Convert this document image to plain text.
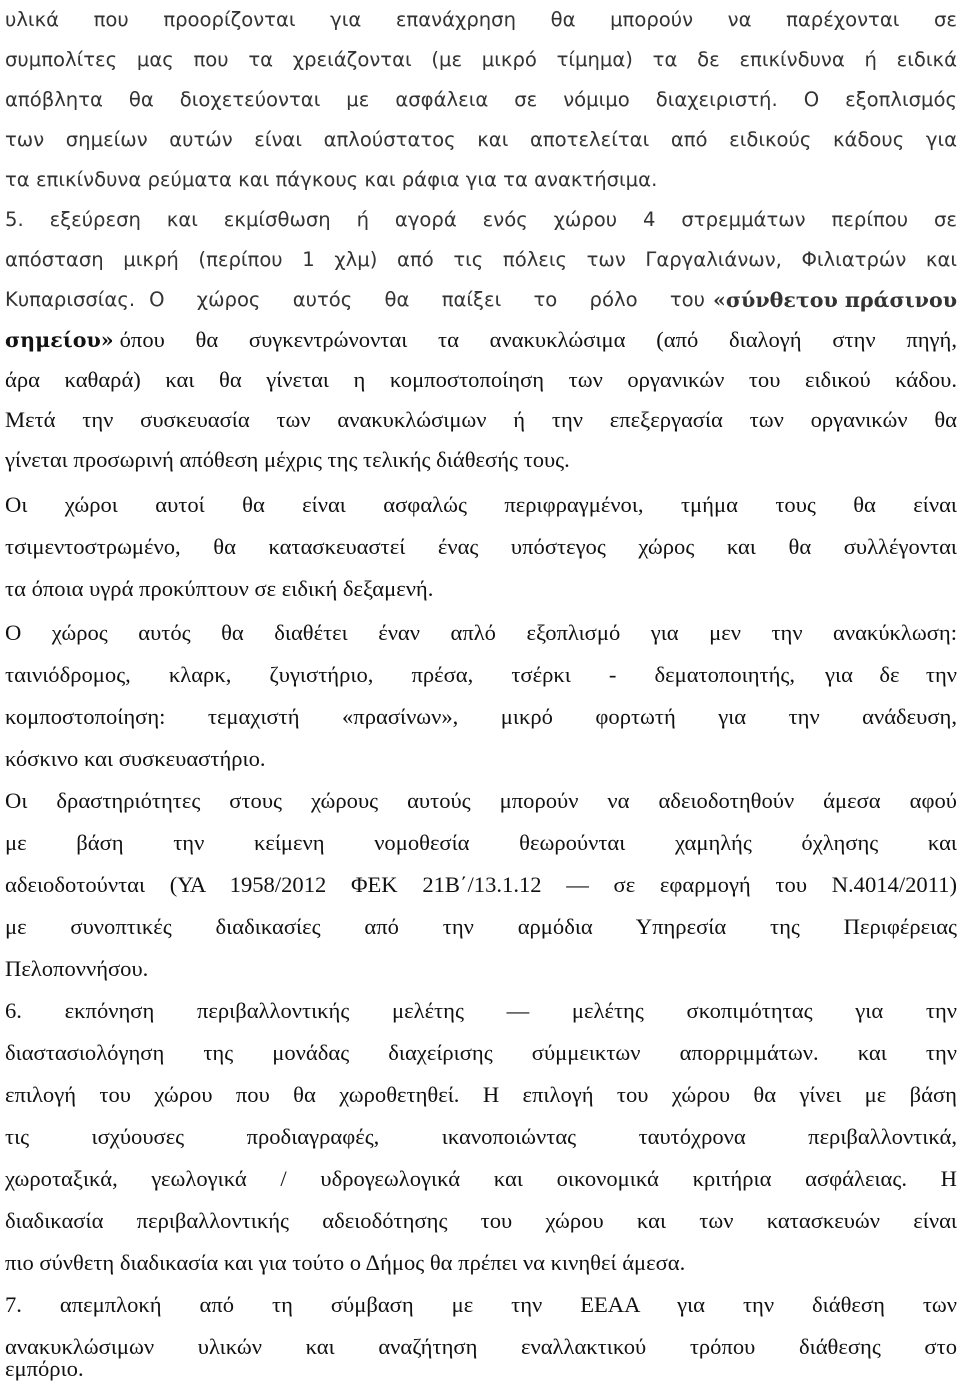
υλικά που προορίζονται για επανάχρηση θα μπορούν να παρέχονται σε
συμπολίτες μας που τα χρειάζονται (με μικρό τίμημα) τα δε επικίνδυνα ή ειδικά
απόβλητα θα διοχετεύονται με ασφάλεια σε νόμιμο διαχειριστή. Ο εξοπλισμός
των σημείων αυτών είναι απλούστατος και αποτελείται από ειδικούς κάδους για
τα επικίνδυνα ρεύματα και πάγκους και ράφια για τα ανακτήσιμα.
5. εξεύρεση και εκμίσθωση ή αγορά ενός χώρου 4 στρεμμάτων περίπου σε
απόσταση μικρή (περίπου 1 χλμ) από τις πόλεις των Γαργαλιάνων, Φιλιατρών και
Κυπαρισσίας. Ο χώρος αυτός θα παίξει το ρόλο του «σύνθετου πράσινου
σημείου» όπου θα συγκεντρώνονται τα ανακυκλώσιμα (από διαλογή στην πηγή,
άρα καθαρά) και θα γίνεται η κομποστοποίηση των οργανικών του ειδικού κάδου.
Μετά την συσκευασία των ανακυκλώσιμων ή την επεξεργασία των οργανικών θα
γίνεται προσωρινή απόθεση μέχρις της τελικής διάθεσής τους.
Οι χώροι αυτοί θα είναι ασφαλώς περιφραγμένοι, τμήμα τους θα είναι
τσιμεντοστρωμένο, θα κατασκευαστεί ένας υπόστεγος χώρος και θα συλλέγονται
τα όποια υγρά προκύπτουν σε ειδική δεξαμενή.
Ο χώρος αυτός θα διαθέτει έναν απλό εξοπλισμό για μεν την ανακύκλωση:
ταινιόδρομος, κλαρκ, ζυγιστήριο, πρέσα, τσέρκι - δεματοποιητής, για δε την
κομποστοποίηση: τεμαχιστή «πρασίνων», μικρό φορτωτή για την ανάδευση,
κόσκινο και συσκευαστήριο.
Οι δραστηριότητες στους χώρους αυτούς μπορούν να αδειοδοτηθούν άμεσα αφού
με βάση την κείμενη νομοθεσία θεωρούνται χαμηλής όχλησης και
αδειοδοτούνται (ΥΑ 1958/2012 ΦΕΚ 21Β΄/13.1.12 — σε εφαρμογή του Ν.4014/2011)
με συνοπτικές διαδικασίες από την αρμόδια Υπηρεσία της Περιφέρειας
Πελοποννήσου.
6. εκπόνηση περιβαλλοντικής μελέτης — μελέτης σκοπιμότητας για την
διαστασιολόγηση της μονάδας διαχείρισης σύμμεικτων απορριμμάτων. και την
επιλογή του χώρου που θα χωροθετηθεί. Η επιλογή του χώρου θα γίνει με βάση
τις ισχύουσες προδιαγραφές, ικανοποιώντας ταυτόχρονα περιβαλλοντικά,
χωροταξικά, γεωλογικά / υδρογεωλογικά και οικονομικά κριτήρια ασφάλειας. Η
διαδικασία περιβαλλοντικής αδειοδότησης του χώρου και των κατασκευών είναι
πιο σύνθετη διαδικασία και για τούτο ο Δήμος θα πρέπει να κινηθεί άμεσα.
7. απεμπλοκή από τη σύμβαση με την ΕΕΑΑ για την διάθεση των
ανακυκλώσιμων υλικών και αναζήτηση εναλλακτικού τρόπου διάθεσης στο
εμπόριο.
